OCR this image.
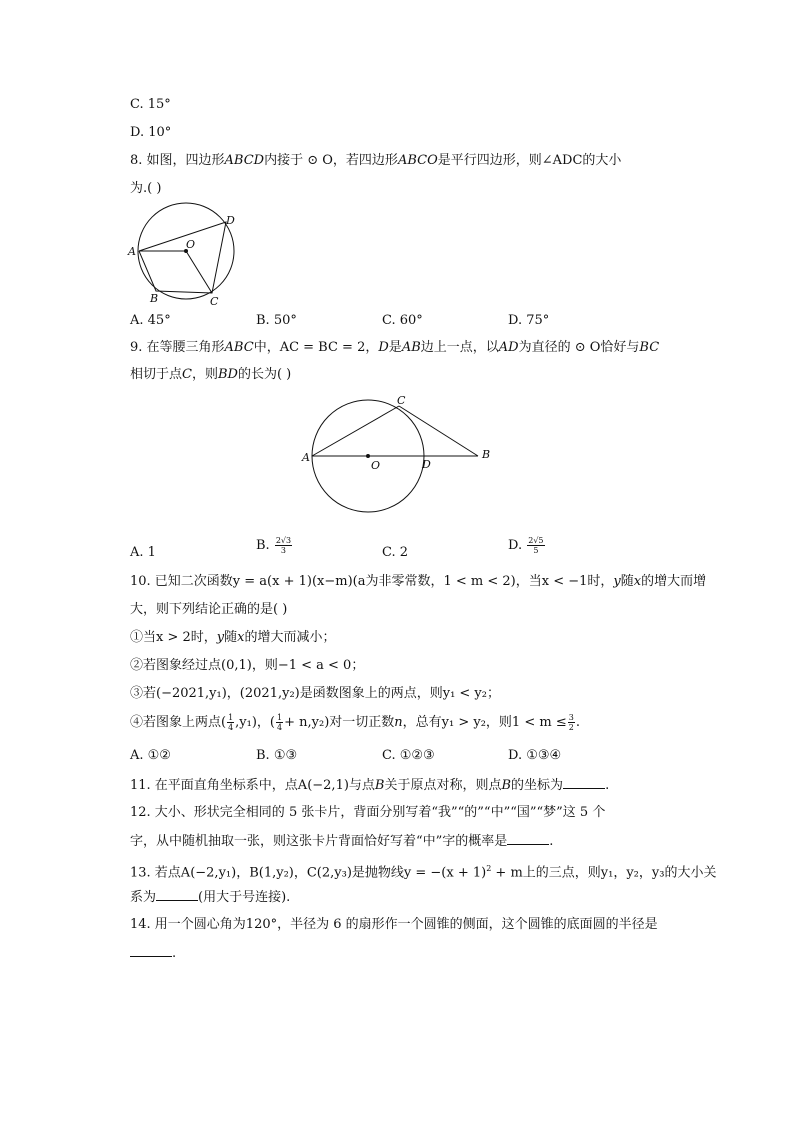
C. 15°
D. 10°
8. 如图，四边形ABCD内接于 ⊙ O，若四边形ABCO是平行四边形，则∠ADC的大小
为.( )
A
B	C
D
O
A. 45°	B. 50°	C. 60°	D. 75°
9. 在等腰三角形ABC中，AC = BC = 2，D是AB边上一点，以AD为直径的 ⊙ O恰好与BC
相切于点C，则BD的长为( )
A	B
C
D
O
A. 1	B. $\frac{2√3}{3}$	C. 2	D. $\frac{2√5}{5}$
10. 已知二次函数y = a(x + 1)(x−m)(a为非零常数，1 < m < 2)，当x < −1时，y随x的增大而增
大，则下列结论正确的是( )
①当x > 2时，y随x的增大而减小；
②若图象经过点(0,1)，则−1 < a < 0；
③若(−2021,y₁)，(2021,y₂)是函数图象上的两点，则y₁ < y₂；
④若图象上两点( $\frac{1}{4} ,y_1$)，( $\frac{1}{4} + n,y_2$)对一切正数n，总有y₁ > y₂，则$1 < m \le \frac{3}{2}$ .
A. ①②	B. ①③	C. ①②③	D. ①③④
11. 在平面直角坐标系中，点A(−2,1)与点B关于原点对称，则点B的坐标为	.
12. 大小、形状完全相同的 5 张卡片，背面分别写着“我”“的”“中”“国”“梦”这 5 个
字，从中随机抽取一张，则这张卡片背面恰好写着“中”字的概率是	.
13. 若点A(−2,y₁)，B(1,y₂)，C(2,y₃)是抛物线$y = -(x + 1)^2 + m$上的三点，则y₁，y₂，y₃的大小关
系为	(用大于号连接).
14. 用一个圆心角为120°，半径为 6 的扇形作一个圆锥的侧面，这个圆锥的底面圆的半径是
.
